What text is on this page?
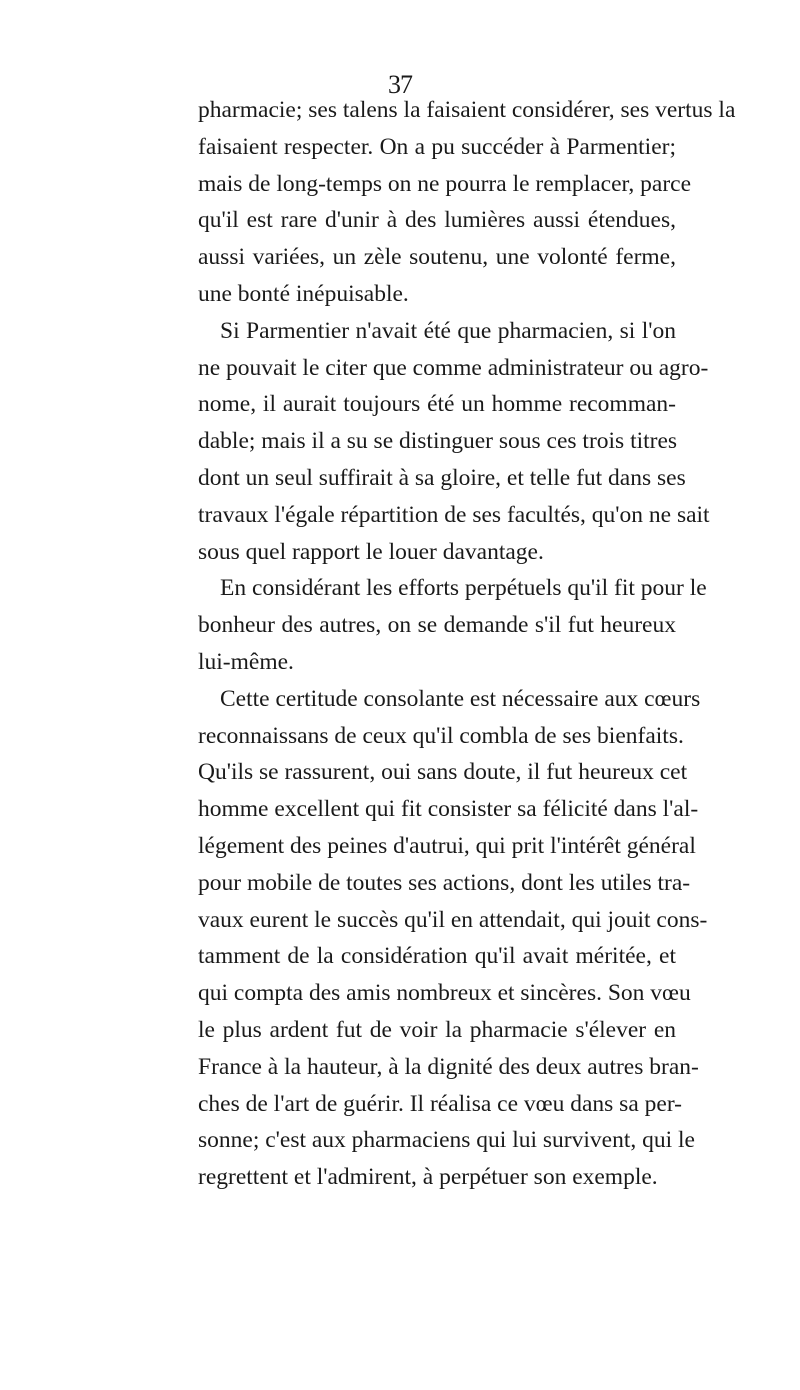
37
pharmacie; ses talens la faisaient considérer, ses vertus la
faisaient respecter. On a pu succéder à Parmentier;
mais de long-temps on ne pourra le remplacer, parce
qu'il est rare d'unir à des lumières aussi étendues,
aussi variées, un zèle soutenu, une volonté ferme,
une bonté inépuisable.
Si Parmentier n'avait été que pharmacien, si l'on
ne pouvait le citer que comme administrateur ou agro-
nome, il aurait toujours été un homme recomman-
dable; mais il a su se distinguer sous ces trois titres
dont un seul suffirait à sa gloire, et telle fut dans ses
travaux l'égale répartition de ses facultés, qu'on ne sait
sous quel rapport le louer davantage.
En considérant les efforts perpétuels qu'il fit pour le
bonheur des autres, on se demande s'il fut heureux
lui-même.
Cette certitude consolante est nécessaire aux cœurs
reconnaissans de ceux qu'il combla de ses bienfaits.
Qu'ils se rassurent, oui sans doute, il fut heureux cet
homme excellent qui fit consister sa félicité dans l'al-
légement des peines d'autrui, qui prit l'intérêt général
pour mobile de toutes ses actions, dont les utiles tra-
vaux eurent le succès qu'il en attendait, qui jouit cons-
tamment de la considération qu'il avait méritée, et
qui compta des amis nombreux et sincères. Son vœu
le plus ardent fut de voir la pharmacie s'élever en
France à la hauteur, à la dignité des deux autres bran-
ches de l'art de guérir. Il réalisa ce vœu dans sa per-
sonne; c'est aux pharmaciens qui lui survivent, qui le
regrettent et l'admirent, à perpétuer son exemple.
